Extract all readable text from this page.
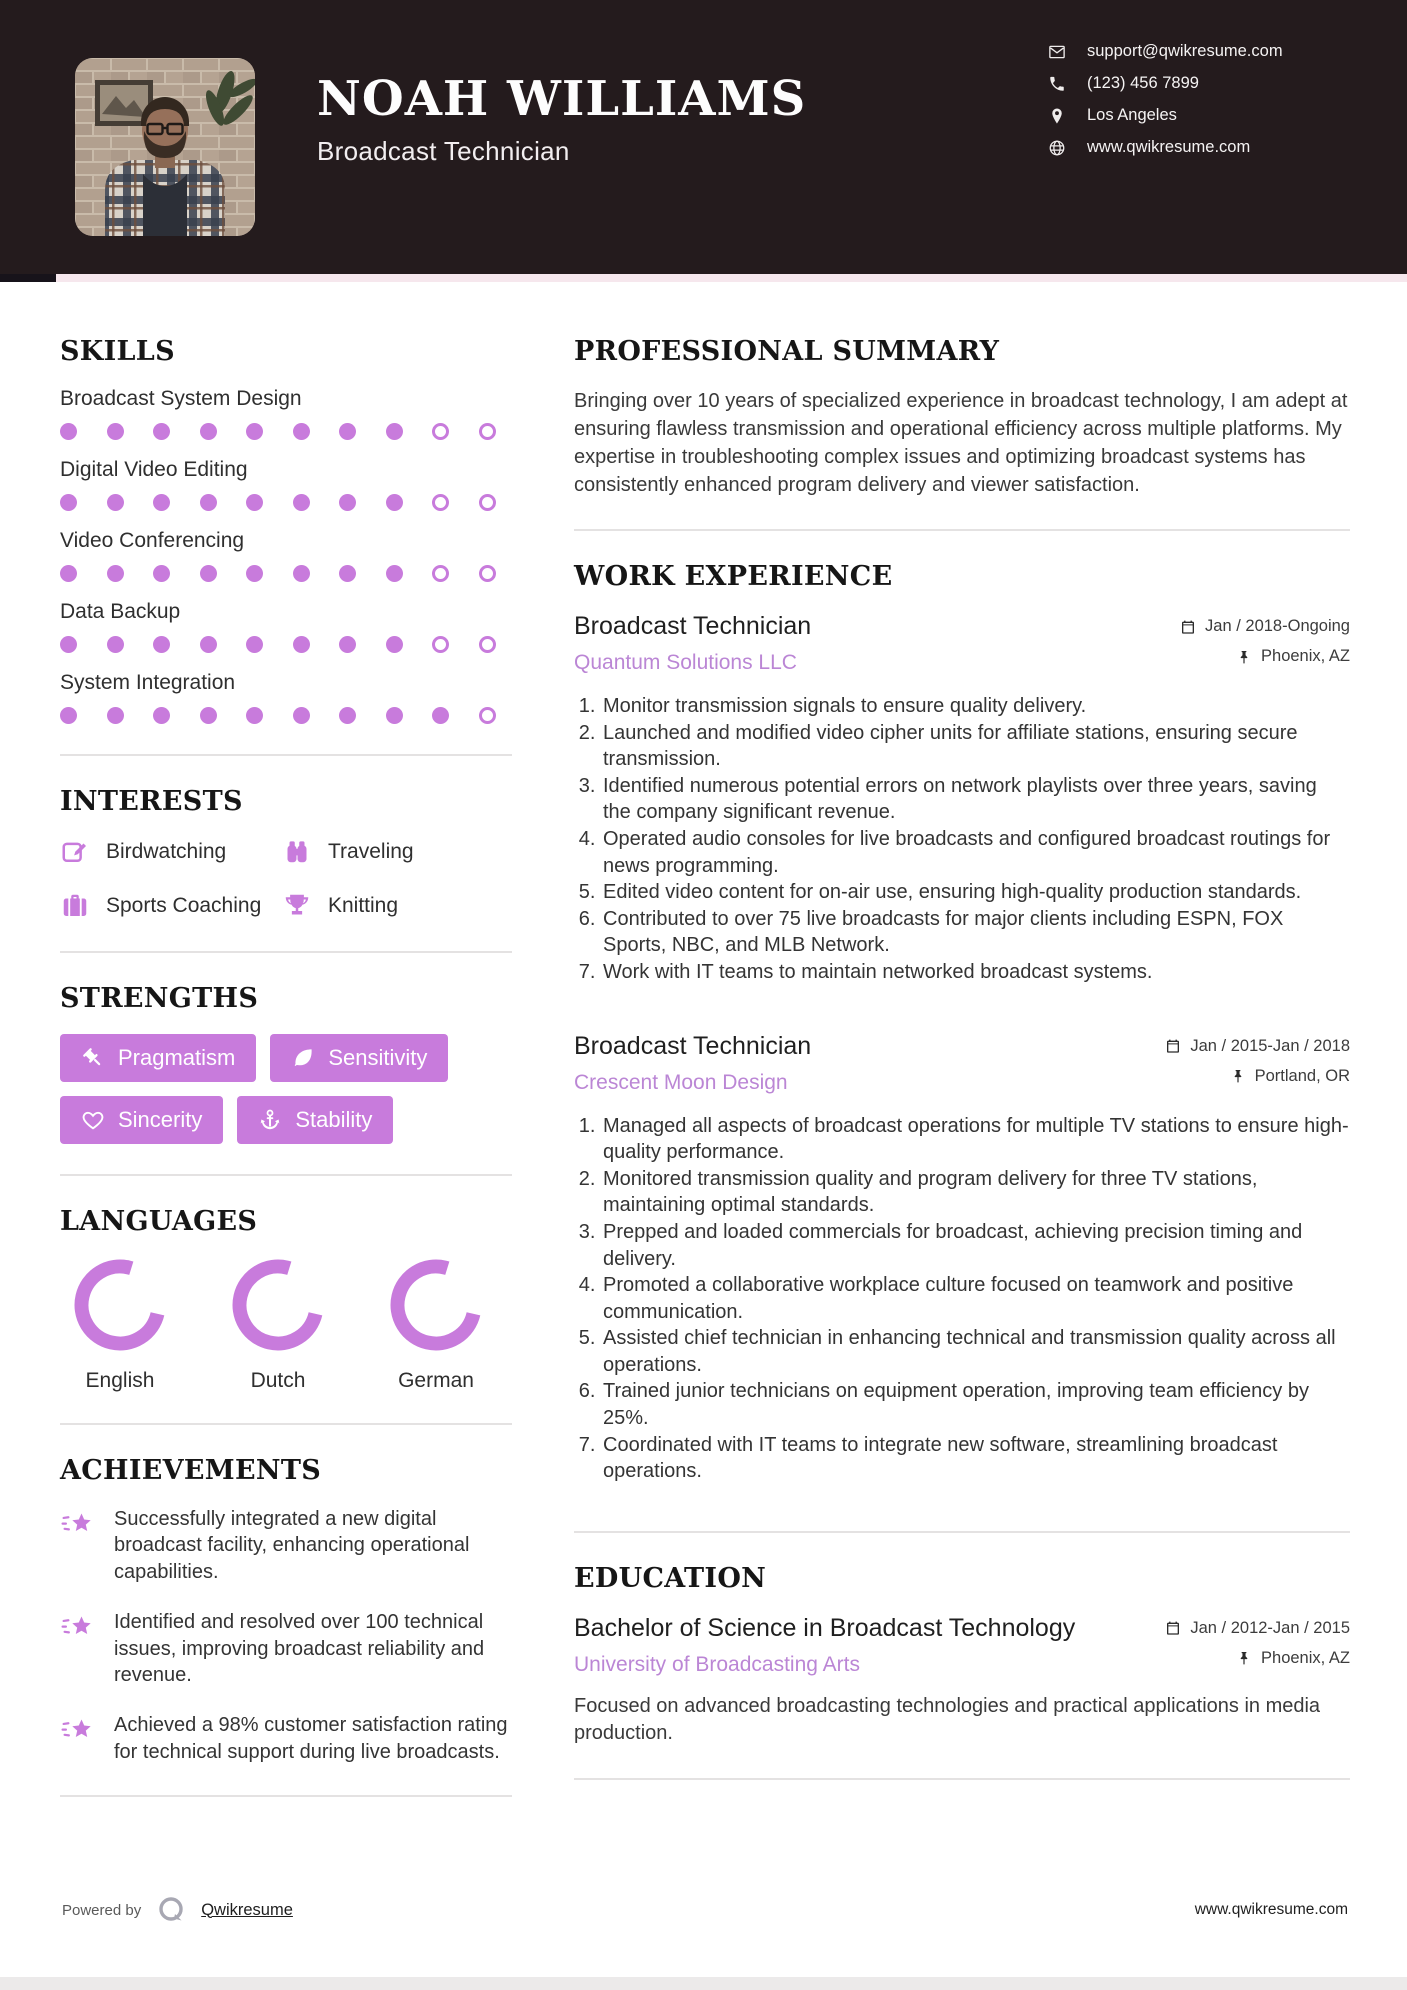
NOAH WILLIAMS
Broadcast Technician
support@qwikresume.com
(123) 456 7899
Los Angeles
www.qwikresume.com
SKILLS
Broadcast System Design
Digital Video Editing
Video Conferencing
Data Backup
System Integration
INTERESTS
Birdwatching	Traveling
Sports Coaching	Knitting
STRENGTHS
Pragmatism	Sensitivity
Sincerity	Stability
LANGUAGES
English	Dutch	German
ACHIEVEMENTS

Successfully integrated a new digital broadcast facility, enhancing operational capabilities.

Identified and resolved over 100 technical issues, improving broadcast reliability and revenue.

Achieved a 98% customer satisfaction rating for technical support during live broadcasts.

PROFESSIONAL SUMMARY

Bringing over 10 years of specialized experience in broadcast technology, I am adept at ensuring flawless transmission and operational efficiency across multiple platforms. My expertise in troubleshooting complex issues and optimizing broadcast systems has consistently enhanced program delivery and viewer satisfaction.

WORK EXPERIENCE
Broadcast Technician
Quantum Solutions LLC
Jan / 2018-Ongoing
Phoenix, AZ
1. Monitor transmission signals to ensure quality delivery.
2. Launched and modified video cipher units for affiliate stations, ensuring secure transmission.
3. Identified numerous potential errors on network playlists over three years, saving the company significant revenue.
4. Operated audio consoles for live broadcasts and configured broadcast routings for news programming.
5. Edited video content for on-air use, ensuring high-quality production standards.
6. Contributed to over 75 live broadcasts for major clients including ESPN, FOX Sports, NBC, and MLB Network.
7. Work with IT teams to maintain networked broadcast systems.
Broadcast Technician
Crescent Moon Design
Jan / 2015-Jan / 2018
Portland, OR
1. Managed all aspects of broadcast operations for multiple TV stations to ensure high-quality performance.
2. Monitored transmission quality and program delivery for three TV stations, maintaining optimal standards.
3. Prepped and loaded commercials for broadcast, achieving precision timing and delivery.
4. Promoted a collaborative workplace culture focused on teamwork and positive communication.
5. Assisted chief technician in enhancing technical and transmission quality across all operations.
6. Trained junior technicians on equipment operation, improving team efficiency by 25%.
7. Coordinated with IT teams to integrate new software, streamlining broadcast operations.
EDUCATION
Bachelor of Science in Broadcast Technology
University of Broadcasting Arts
Jan / 2012-Jan / 2015
Phoenix, AZ

Focused on advanced broadcasting technologies and practical applications in media production.

Powered by	Qwikresume	www.qwikresume.com
